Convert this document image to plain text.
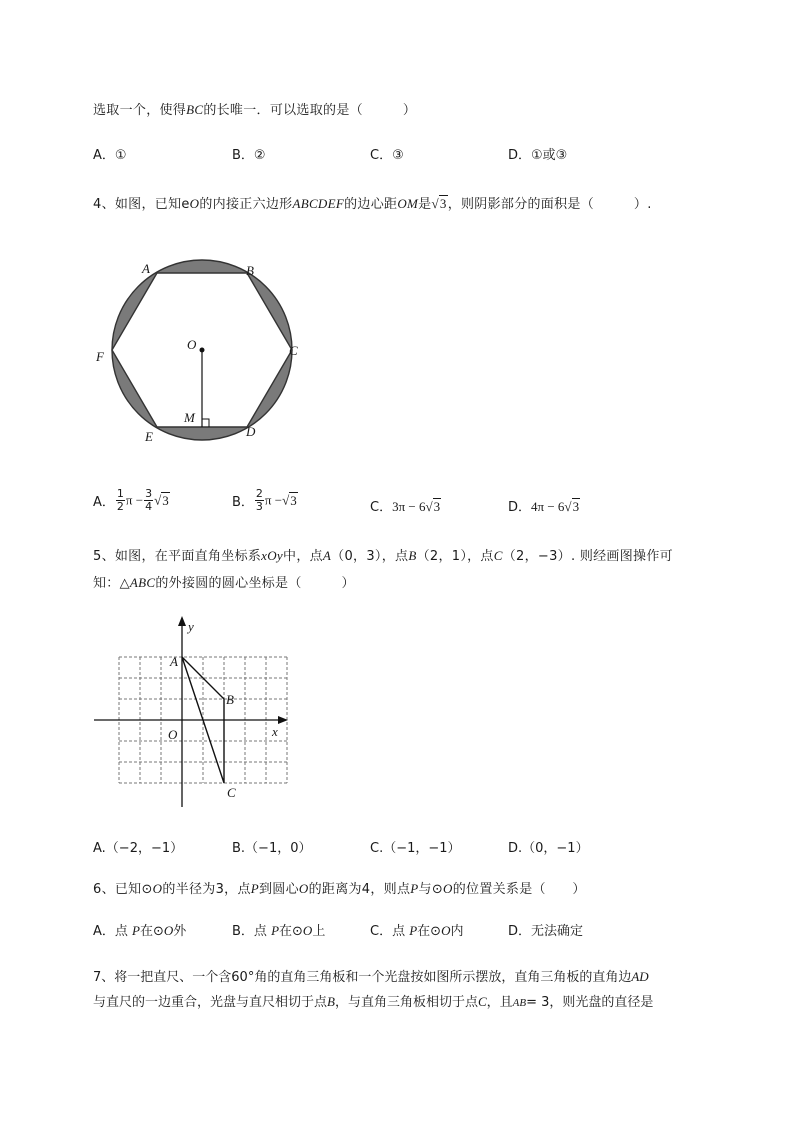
选取一个，使得BC的长唯一．可以选取的是（　　　）
A．①	B．②	C．③	D．①或③
4、如图，已知eO的内接正六边形ABCDEF的边心距OM是√3，则阴影部分的面积是（　　　）.
A	B
C
D
E
F
O
M
A． $\frac{1}{2}$ $\pi - \frac{3}{4} √3$	B． $\frac{2}{3}$ π −√3	C．3π − 6√3	D．4π − 6√3
5、如图，在平面直角坐标系xOy中，点A（0，3），点B（2，1），点C（2，−3）. 则经画图操作可
知：△ABC的外接圆的圆心坐标是（　　　）
y
x
A
B
C
O
A.（−2，−1）	B.（−1，0）	C.（−1，−1）	D.（0，−1）
6、已知⊙O的半径为3，点P到圆心O的距离为4，则点P与⊙O的位置关系是（　　）
A．点 P在⊙O外	B．点 P在⊙O上	C．点 P在⊙O内	D．无法确定
7、将一把直尺、一个含60°角的直角三角板和一个光盘按如图所示摆放，直角三角板的直角边AD
与直尺的一边重合，光盘与直尺相切于点B，与直角三角板相切于点C，且AB= 3，则光盘的直径是
